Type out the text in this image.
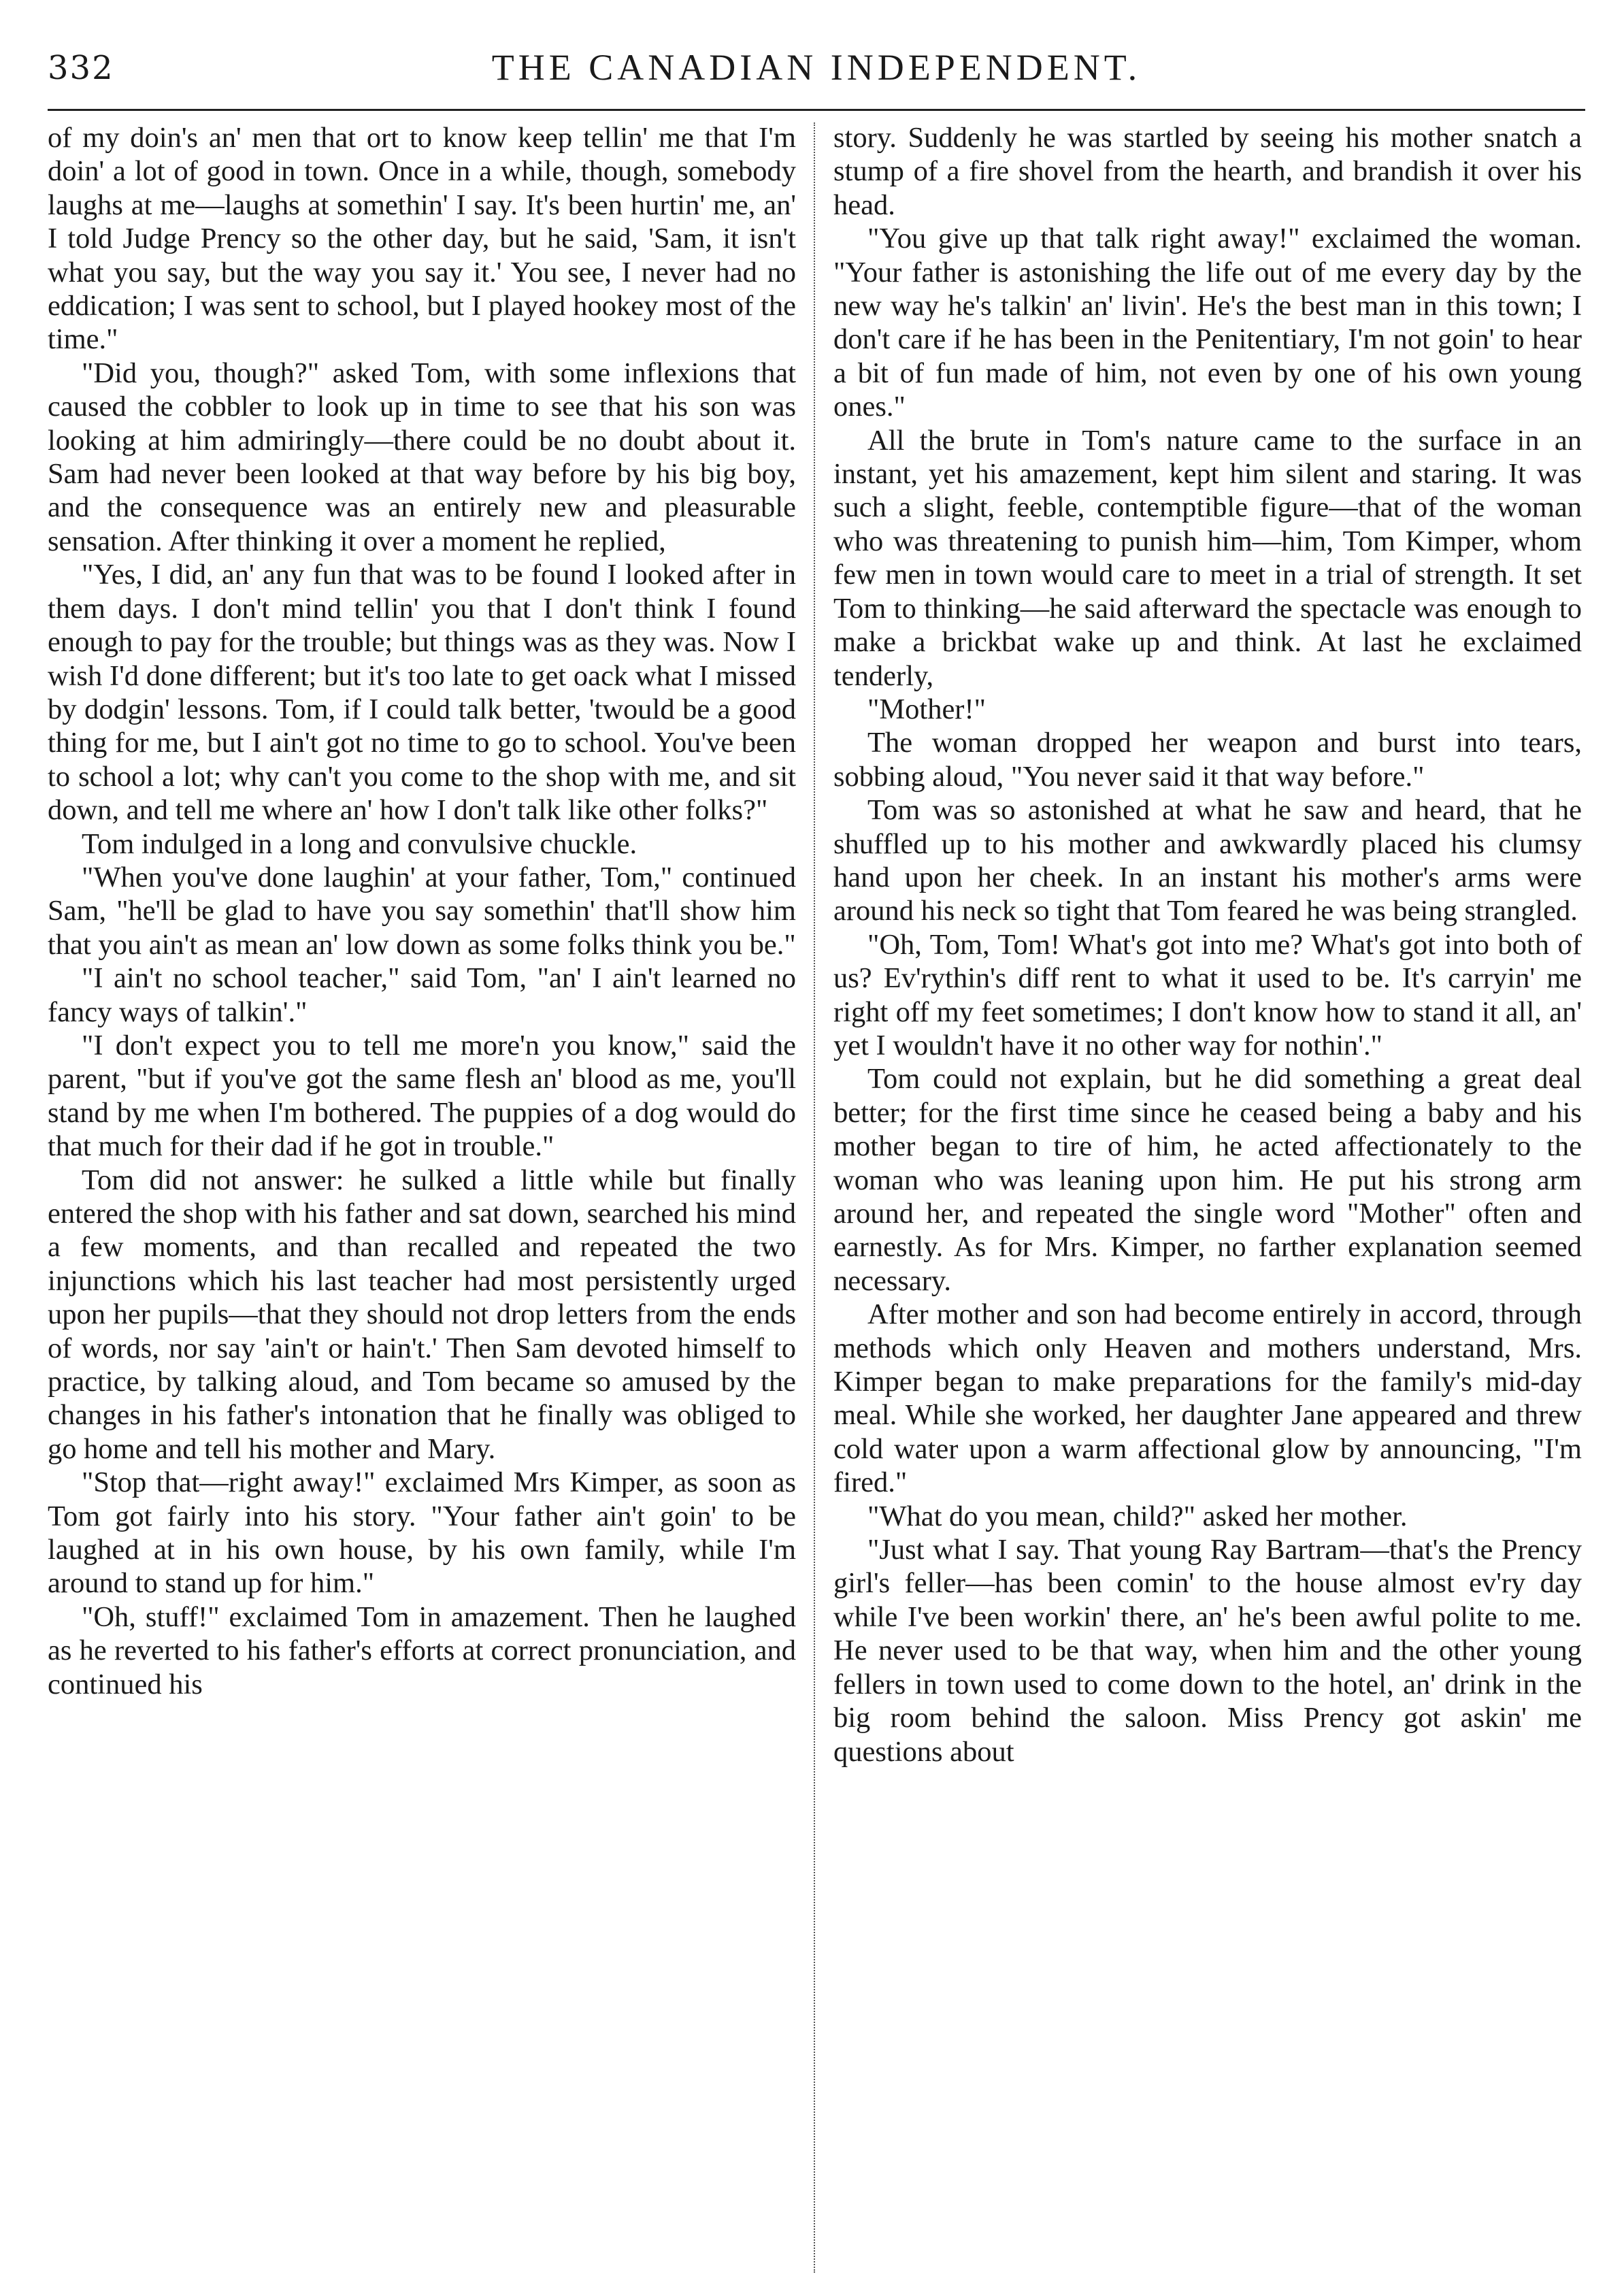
332	THE CANADIAN INDEPENDENT.

of my doin's an' men that ort to know keep tellin' me that I'm doin' a lot of good in town. Once in a while, though, somebody laughs at me—laughs at somethin' I say. It's been hurtin' me, an' I told Judge Prency so the other day, but he said, 'Sam, it isn't what you say, but the way you say it.' You see, I never had no eddication; I was sent to school, but I played hookey most of the time."

"Did you, though?" asked Tom, with some inflexions that caused the cobbler to look up in time to see that his son was looking at him admiringly—there could be no doubt about it. Sam had never been looked at that way before by his big boy, and the consequence was an entirely new and pleasurable sensation. After thinking it over a moment he replied,

"Yes, I did, an' any fun that was to be found I looked after in them days. I don't mind tellin' you that I don't think I found enough to pay for the trouble; but things was as they was. Now I wish I'd done different; but it's too late to get oack what I missed by dodgin' lessons. Tom, if I could talk better, 'twould be a good thing for me, but I ain't got no time to go to school. You've been to school a lot; why can't you come to the shop with me, and sit down, and tell me where an' how I don't talk like other folks?"

Tom indulged in a long and convulsive chuckle.

"When you've done laughin' at your father, Tom," continued Sam, "he'll be glad to have you say somethin' that'll show him that you ain't as mean an' low down as some folks think you be."

"I ain't no school teacher," said Tom, "an' I ain't learned no fancy ways of talkin'."

"I don't expect you to tell me more'n you know," said the parent, "but if you've got the same flesh an' blood as me, you'll stand by me when I'm bothered. The puppies of a dog would do that much for their dad if he got in trouble."

Tom did not answer: he sulked a little while but finally entered the shop with his father and sat down, searched his mind a few moments, and than recalled and repeated the two injunctions which his last teacher had most persistently urged upon her pupils—that they should not drop letters from the ends of words, nor say 'ain't or hain't.' Then Sam devoted himself to practice, by talking aloud, and Tom became so amused by the changes in his father's intonation that he finally was obliged to go home and tell his mother and Mary.

"Stop that—right away!" exclaimed Mrs Kimper, as soon as Tom got fairly into his story. "Your father ain't goin' to be laughed at in his own house, by his own family, while I'm around to stand up for him."

"Oh, stuff!" exclaimed Tom in amazement. Then he laughed as he reverted to his father's efforts at correct pronunciation, and continued his

story. Suddenly he was startled by seeing his mother snatch a stump of a fire shovel from the hearth, and brandish it over his head.

"You give up that talk right away!" exclaimed the woman. "Your father is astonishing the life out of me every day by the new way he's talkin' an' livin'. He's the best man in this town; I don't care if he has been in the Penitentiary, I'm not goin' to hear a bit of fun made of him, not even by one of his own young ones."

All the brute in Tom's nature came to the surface in an instant, yet his amazement, kept him silent and staring. It was such a slight, feeble, contemptible figure—that of the woman who was threatening to punish him—him, Tom Kimper, whom few men in town would care to meet in a trial of strength. It set Tom to thinking—he said afterward the spectacle was enough to make a brickbat wake up and think. At last he exclaimed tenderly,

"Mother!"

The woman dropped her weapon and burst into tears, sobbing aloud, "You never said it that way before."

Tom was so astonished at what he saw and heard, that he shuffled up to his mother and awkwardly placed his clumsy hand upon her cheek. In an instant his mother's arms were around his neck so tight that Tom feared he was being strangled.

"Oh, Tom, Tom! What's got into me? What's got into both of us? Ev'rythin's diff rent to what it used to be. It's carryin' me right off my feet sometimes; I don't know how to stand it all, an' yet I wouldn't have it no other way for nothin'."

Tom could not explain, but he did something a great deal better; for the first time since he ceased being a baby and his mother began to tire of him, he acted affectionately to the woman who was leaning upon him. He put his strong arm around her, and repeated the single word "Mother" often and earnestly. As for Mrs. Kimper, no farther explanation seemed necessary.

After mother and son had become entirely in accord, through methods which only Heaven and mothers understand, Mrs. Kimper began to make preparations for the family's mid-day meal. While she worked, her daughter Jane appeared and threw cold water upon a warm affectional glow by announcing, "I'm fired."

"What do you mean, child?" asked her mother.

"Just what I say. That young Ray Bartram—that's the Prency girl's feller—has been comin' to the house almost ev'ry day while I've been workin' there, an' he's been awful polite to me. He never used to be that way, when him and the other young fellers in town used to come down to the hotel, an' drink in the big room behind the saloon. Miss Prency got askin' me questions about
